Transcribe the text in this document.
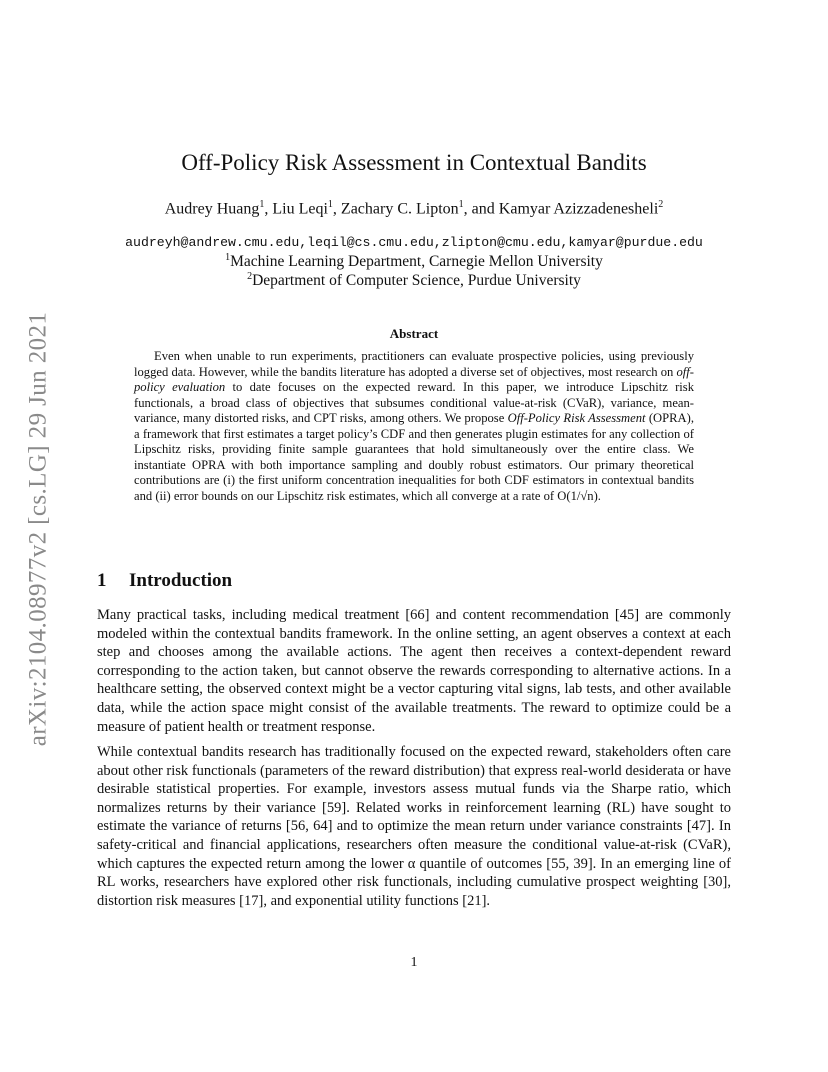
arXiv:2104.08977v2 [cs.LG] 29 Jun 2021
Off-Policy Risk Assessment in Contextual Bandits
Audrey Huang$^1$, Liu Leqi$^1$, Zachary C. Lipton$^1$, and Kamyar Azizzadenesheli$^2$
audreyh@andrew.cmu.edu,leqil@cs.cmu.edu,zlipton@cmu.edu,kamyar@purdue.edu
$^1$Machine Learning Department, Carnegie Mellon University
$^2$Department of Computer Science, Purdue University
Abstract

Even when unable to run experiments, practitioners can evaluate prospective policies, using previously logged data. However, while the bandits literature has adopted a diverse set of objectives, most research on off-policy evaluation to date focuses on the expected reward. In this paper, we introduce Lipschitz risk functionals, a broad class of objectives that subsumes conditional value-at-risk (CVaR), variance, mean-variance, many distorted risks, and CPT risks, among others. We propose Off-Policy Risk Assessment (OPRA), a framework that first estimates a target policy’s CDF and then generates plugin estimates for any collection of Lipschitz risks, providing finite sample guarantees that hold simultaneously over the entire class. We instantiate OPRA with both importance sampling and doubly robust estimators. Our primary theoretical contributions are (i) the first uniform concentration inequalities for both CDF estimators in contextual bandits and (ii) error bounds on our Lipschitz risk estimates, which all converge at a rate of O(1/√n).

1 Introduction

Many practical tasks, including medical treatment [66] and content recommendation [45] are commonly modeled within the contextual bandits framework. In the online setting, an agent observes a context at each step and chooses among the available actions. The agent then receives a context-dependent reward corresponding to the action taken, but cannot observe the rewards corresponding to alternative actions. In a healthcare setting, the observed context might be a vector capturing vital signs, lab tests, and other available data, while the action space might consist of the available treatments. The reward to optimize could be a measure of patient health or treatment response.

While contextual bandits research has traditionally focused on the expected reward, stakeholders often care about other risk functionals (parameters of the reward distribution) that express real-world desiderata or have desirable statistical properties. For example, investors assess mutual funds via the Sharpe ratio, which normalizes returns by their variance [59]. Related works in reinforcement learning (RL) have sought to estimate the variance of returns [56, 64] and to optimize the mean return under variance constraints [47]. In safety-critical and financial applications, researchers often measure the conditional value-at-risk (CVaR), which captures the expected return among the lower α quantile of outcomes [55, 39]. In an emerging line of RL works, researchers have explored other risk functionals, including cumulative prospect weighting [30], distortion risk measures [17], and exponential utility functions [21].

1
